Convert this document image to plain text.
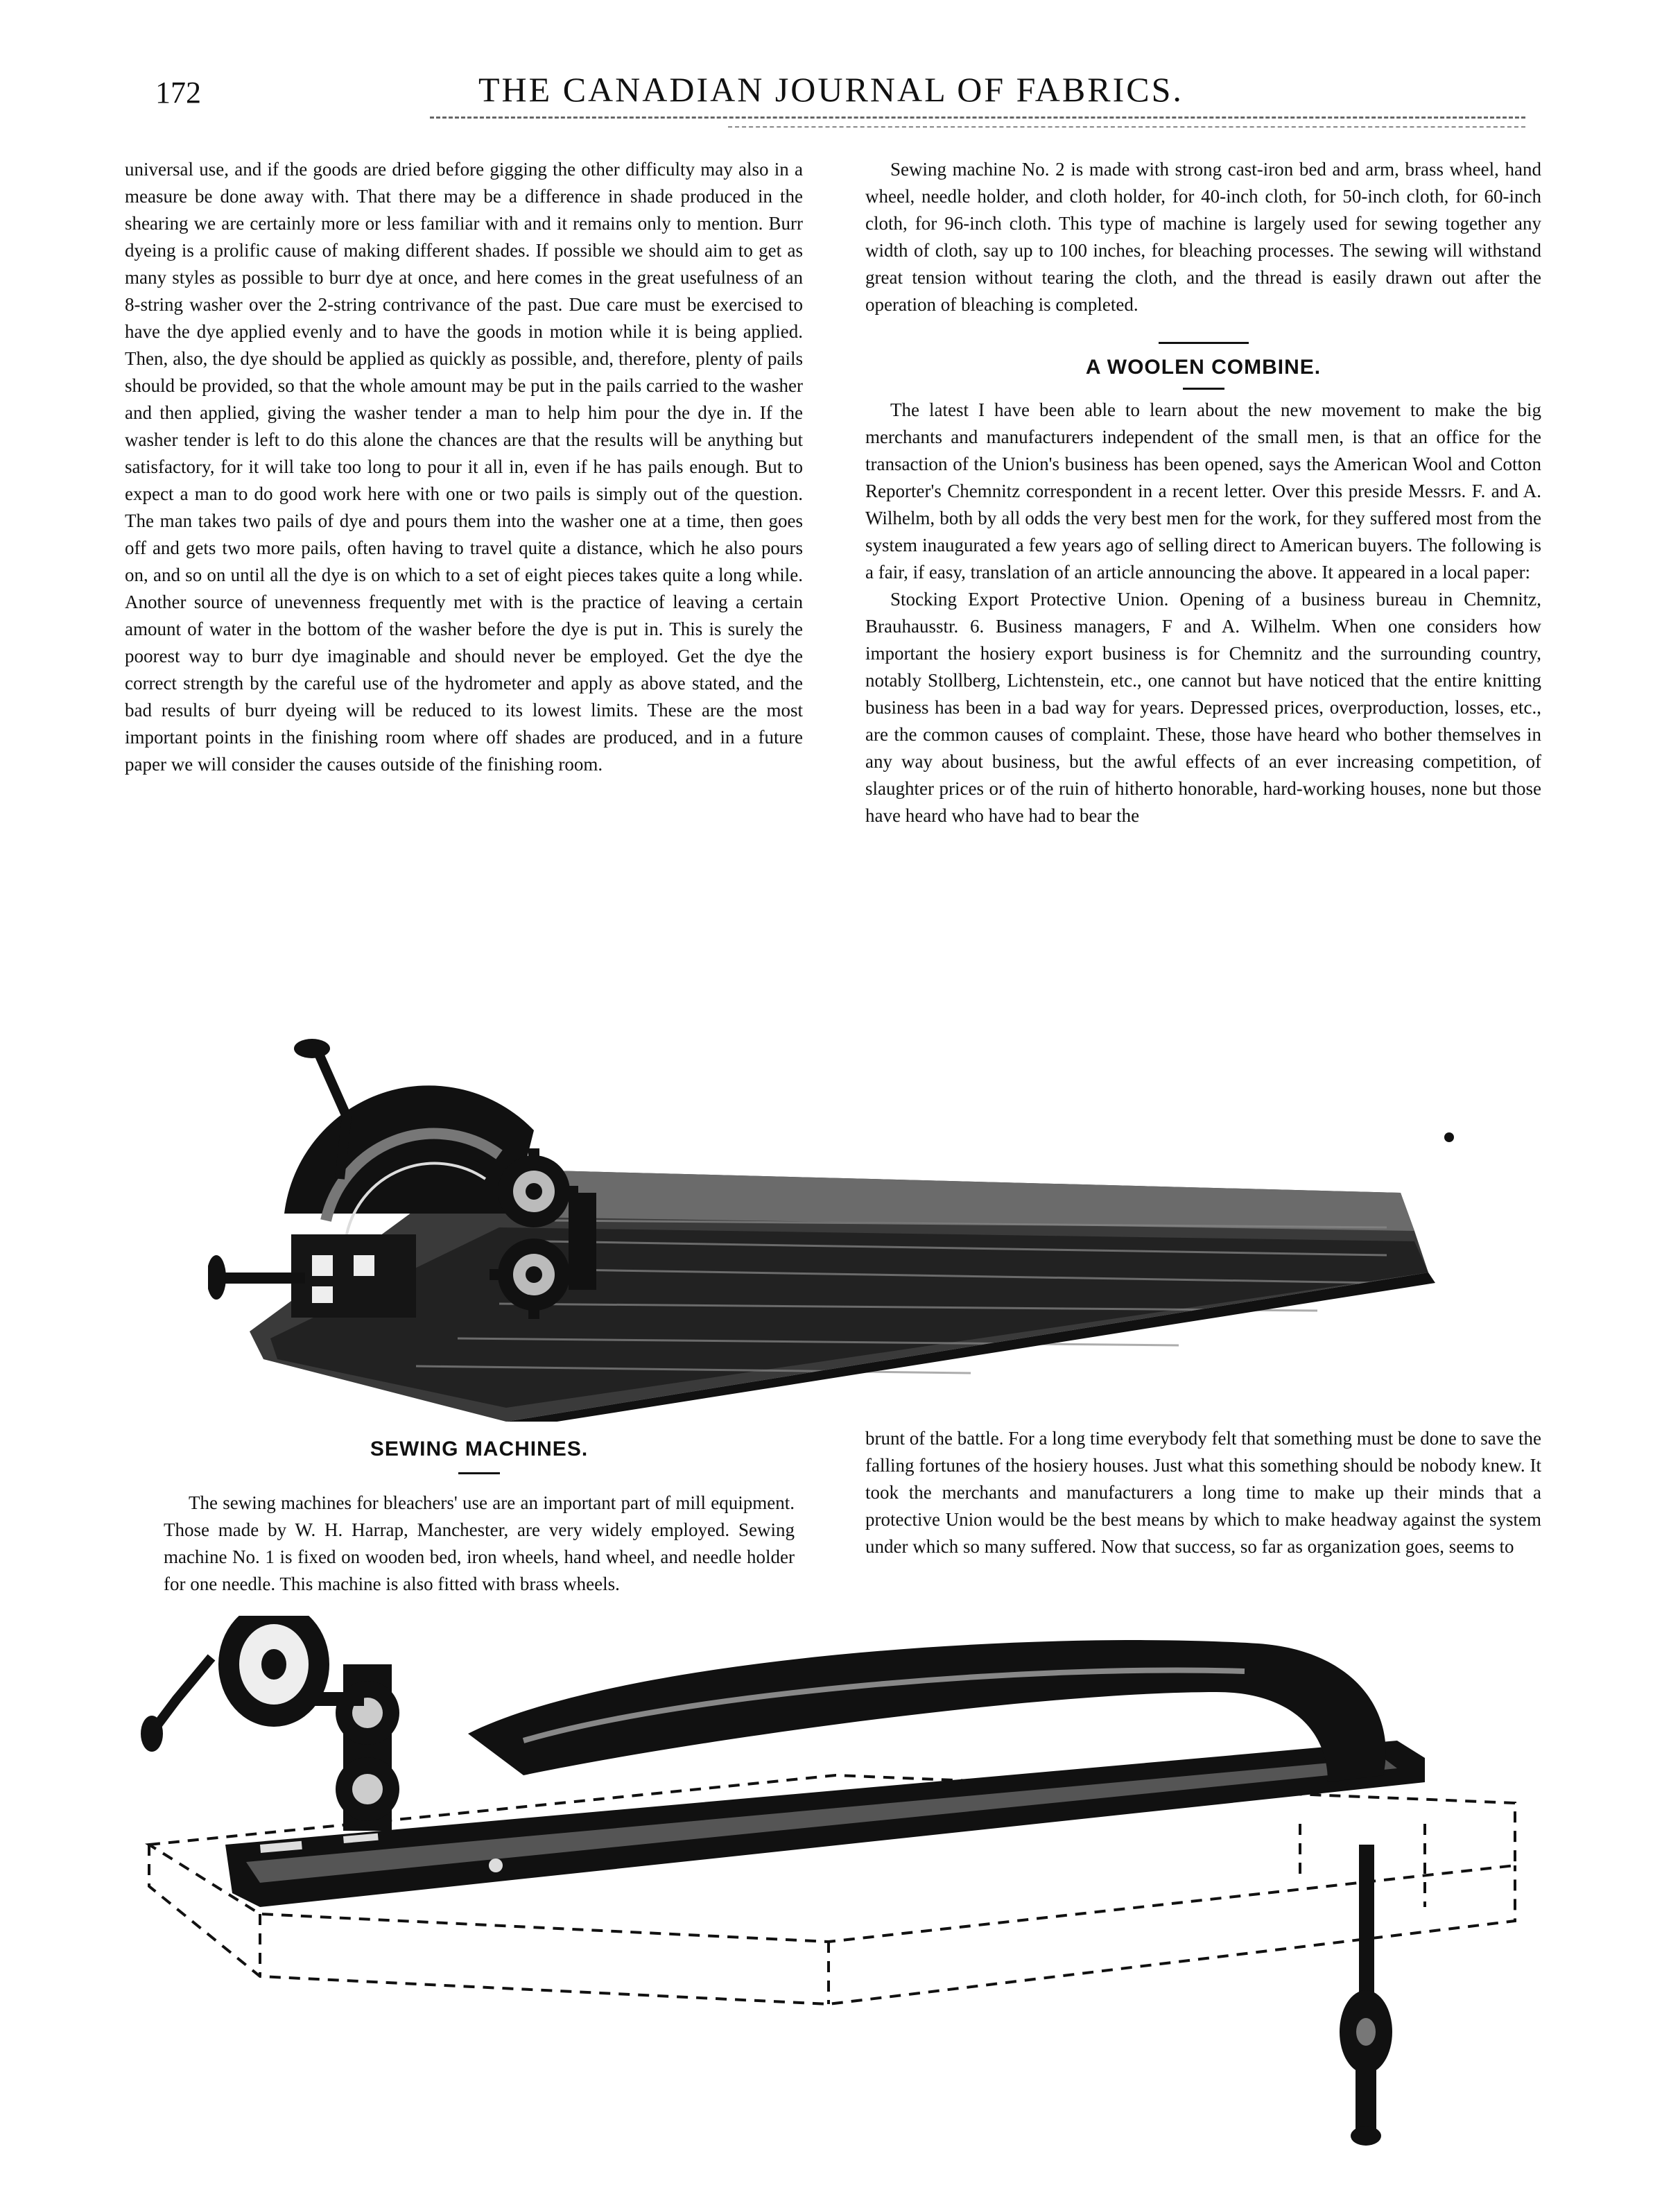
172	THE CANADIAN JOURNAL OF FABRICS.

universal use, and if the goods are dried before gigging the other difficulty may also in a measure be done away with. That there may be a difference in shade produced in the shearing we are certainly more or less familiar with and it remains only to mention. Burr dyeing is a prolific cause of making different shades. If possible we should aim to get as many styles as possible to burr dye at once, and here comes in the great usefulness of an 8-string washer over the 2-string contrivance of the past. Due care must be exercised to have the dye applied evenly and to have the goods in motion while it is being applied. Then, also, the dye should be applied as quickly as possible, and, therefore, plenty of pails should be provided, so that the whole amount may be put in the pails carried to the washer and then applied, giving the washer tender a man to help him pour the dye in. If the washer tender is left to do this alone the chances are that the results will be anything but satisfactory, for it will take too long to pour it all in, even if he has pails enough. But to expect a man to do good work here with one or two pails is simply out of the question. The man takes two pails of dye and pours them into the washer one at a time, then goes off and gets two more pails, often having to travel quite a distance, which he also pours on, and so on until all the dye is on which to a set of eight pieces takes quite a long while. Another source of unevenness frequently met with is the practice of leaving a certain amount of water in the bottom of the washer before the dye is put in. This is surely the poorest way to burr dye imaginable and should never be employed. Get the dye the correct strength by the careful use of the hydrometer and apply as above stated, and the bad results of burr dyeing will be reduced to its lowest limits. These are the most important points in the finishing room where off shades are produced, and in a future paper we will consider the causes outside of the finishing room.

Sewing machine No. 2 is made with strong cast-iron bed and arm, brass wheel, hand wheel, needle holder, and cloth holder, for 40-inch cloth, for 50-inch cloth, for 60-inch cloth, for 96-inch cloth. This type of machine is largely used for sewing together any width of cloth, say up to 100 inches, for bleaching processes. The sewing will withstand great tension without tearing the cloth, and the thread is easily drawn out after the operation of bleaching is completed.

A WOOLEN COMBINE.

The latest I have been able to learn about the new movement to make the big merchants and manufacturers independent of the small men, is that an office for the transaction of the Union's business has been opened, says the American Wool and Cotton Reporter's Chemnitz correspondent in a recent letter. Over this preside Messrs. F. and A. Wilhelm, both by all odds the very best men for the work, for they suffered most from the system inaugurated a few years ago of selling direct to American buyers. The following is a fair, if easy, translation of an article announcing the above. It appeared in a local paper:

Stocking Export Protective Union. Opening of a business bureau in Chemnitz, Brauhausstr. 6. Business managers, F and A. Wilhelm. When one considers how important the hosiery export business is for Chemnitz and the surrounding country, notably Stollberg, Lichtenstein, etc., one cannot but have noticed that the entire knitting business has been in a bad way for years. Depressed prices, overproduction, losses, etc., are the common causes of complaint. These, those have heard who bother themselves in any way about business, but the awful effects of an ever increasing competition, of slaughter prices or of the ruin of hitherto honorable, hard-working houses, none but those have heard who have had to bear the

SEWING MACHINES.

The sewing machines for bleachers' use are an important part of mill equipment. Those made by W. H. Harrap, Manchester, are very widely employed. Sewing machine No. 1 is fixed on wooden bed, iron wheels, hand wheel, and needle holder for one needle. This machine is also fitted with brass wheels.

brunt of the battle. For a long time everybody felt that something must be done to save the falling fortunes of the hosiery houses. Just what this something should be nobody knew. It took the merchants and manufacturers a long time to make up their minds that a protective Union would be the best means by which to make headway against the system under which so many suffered. Now that success, so far as organization goes, seems to
